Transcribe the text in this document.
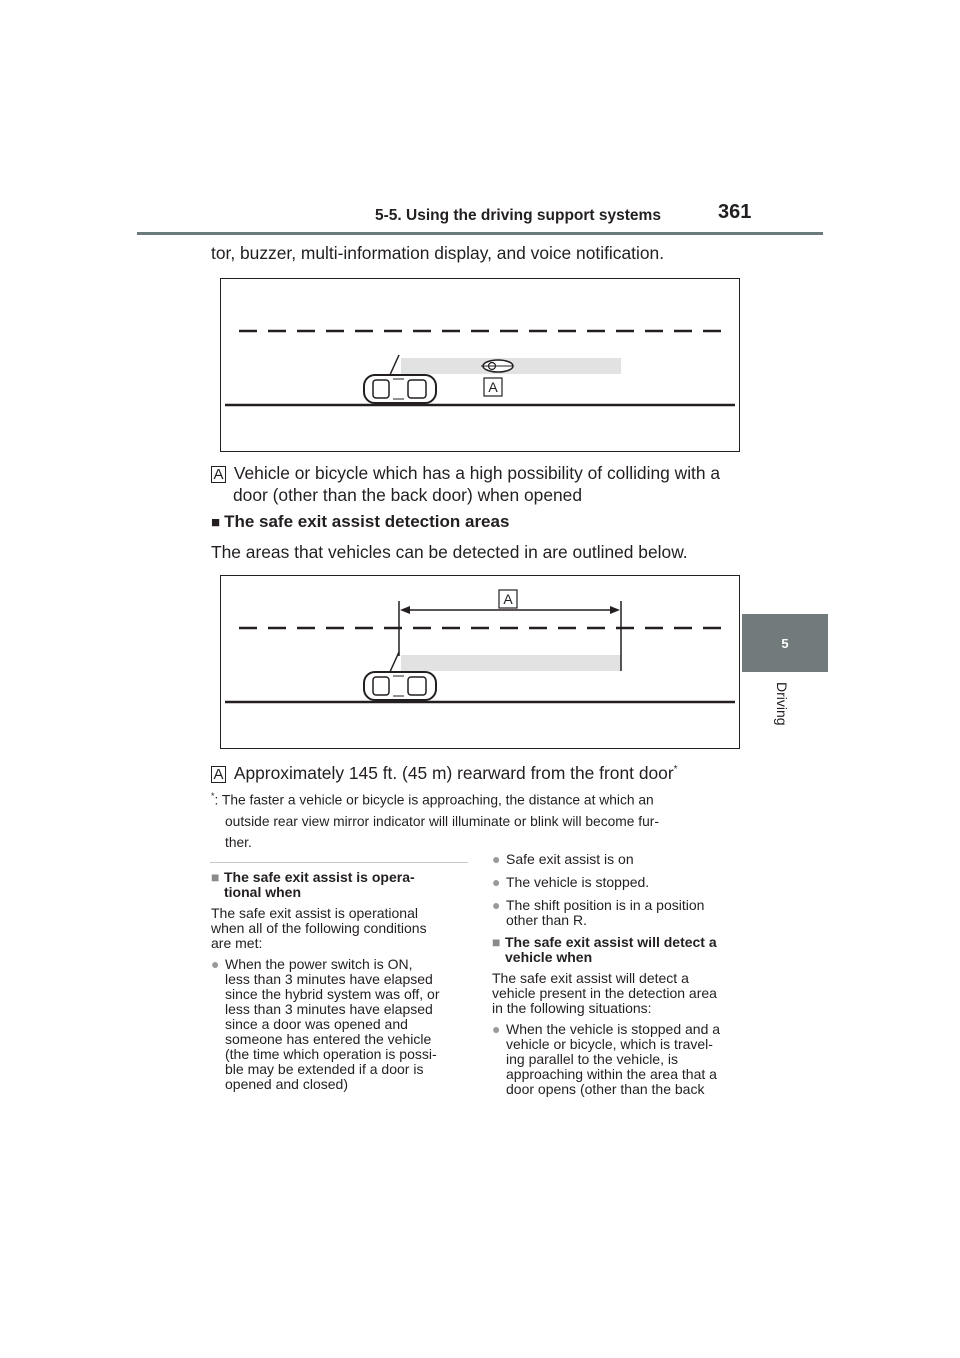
5-5. Using the driving support systems	361
5
Driving
tor, buzzer, multi-information display, and voice notification.
A
A Vehicle or bicycle which has a high possibility of colliding with a
door (other than the back door) when opened
■ The safe exit assist detection areas
The areas that vehicles can be detected in are outlined below.
A
A Approximately 145 ft. (45 m) rearward from the front door*
*: The faster a vehicle or bicycle is approaching, the distance at which an
outside rear view mirror indicator will illuminate or blink will become fur-
ther.
■ The safe exit assist is opera-
tional when
The safe exit assist is operational
when all of the following conditions
are met:
● When the power switch is ON,
less than 3 minutes have elapsed
since the hybrid system was off, or
less than 3 minutes have elapsed
since a door was opened and
someone has entered the vehicle
(the time which operation is possi-
ble may be extended if a door is
opened and closed)
● Safe exit assist is on
● The vehicle is stopped.
● The shift position is in a position
other than R.
■ The safe exit assist will detect a
vehicle when
The safe exit assist will detect a
vehicle present in the detection area
in the following situations:
● When the vehicle is stopped and a
vehicle or bicycle, which is travel-
ing parallel to the vehicle, is
approaching within the area that a
door opens (other than the back
